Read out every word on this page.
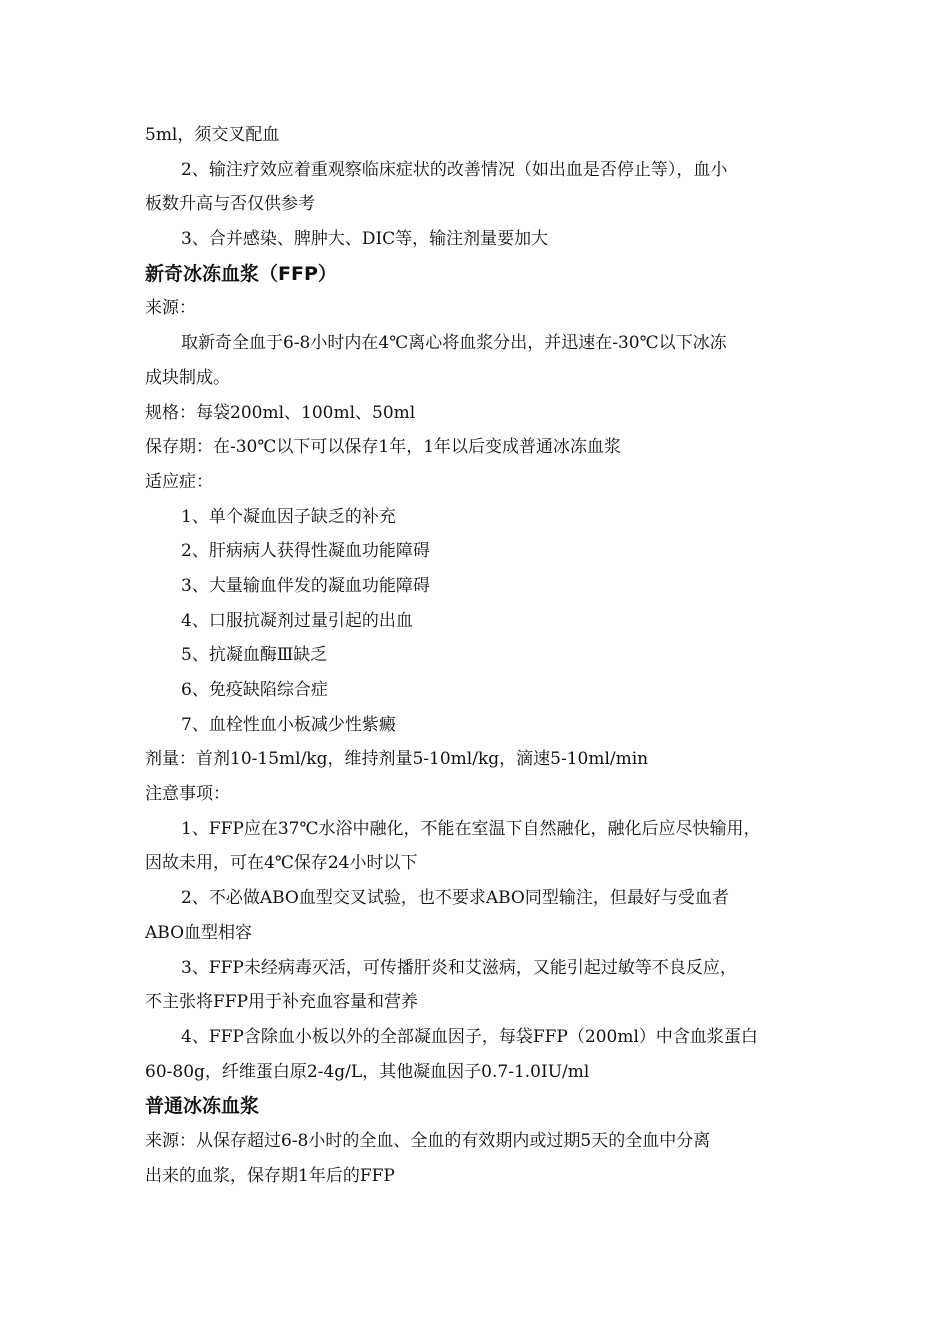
5ml，须交叉配血
2、输注疗效应着重观察临床症状的改善情况（如出血是否停止等），血小
板数升高与否仅供参考
3、合并感染、脾肿大、DIC等，输注剂量要加大
新奇冰冻血浆（FFP）
来源：
取新奇全血于6-8小时内在4℃离心将血浆分出，并迅速在-30℃以下冰冻
成块制成。
规格：每袋200ml、100ml、50ml
保存期：在-30℃以下可以保存1年，1年以后变成普通冰冻血浆
适应症：
1、单个凝血因子缺乏的补充
2、肝病病人获得性凝血功能障碍
3、大量输血伴发的凝血功能障碍
4、口服抗凝剂过量引起的出血
5、抗凝血酶Ⅲ缺乏
6、免疫缺陷综合症
7、血栓性血小板减少性紫癜
剂量：首剂10-15ml/kg，维持剂量5-10ml/kg，滴速5-10ml/min
注意事项：
1、FFP应在37℃水浴中融化，不能在室温下自然融化，融化后应尽快输用，
因故未用，可在4℃保存24小时以下
2、不必做ABO血型交叉试验，也不要求ABO同型输注，但最好与受血者
ABO血型相容
3、FFP未经病毒灭活，可传播肝炎和艾滋病，又能引起过敏等不良反应，
不主张将FFP用于补充血容量和营养
4、FFP含除血小板以外的全部凝血因子，每袋FFP（200ml）中含血浆蛋白
60-80g，纤维蛋白原2-4g/L，其他凝血因子0.7-1.0IU/ml
普通冰冻血浆
来源：从保存超过6-8小时的全血、全血的有效期内或过期5天的全血中分离
出来的血浆，保存期1年后的FFP
